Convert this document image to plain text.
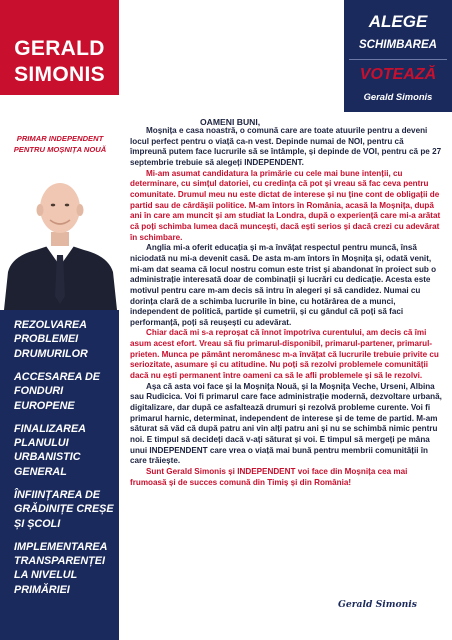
GERALD
SIMONIS
PRIMAR INDEPENDENT PENTRU MOȘNIȚA NOUĂ
REZOLVAREA PROBLEMEI DRUMURILOR
ACCESAREA DE FONDURI EUROPENE
FINALIZAREA PLANULUI URBANISTIC GENERAL
ÎNFIINȚAREA DE GRĂDINIȚE CREȘE ȘI ȘCOLI
IMPLEMENTAREA TRANSPARENȚEI LA NIVELUL PRIMĂRIEI
ALEGE
SCHIMBAREA
VOTEAZĂ
Gerald Simonis
OAMENI BUNI,

Moșnița e casa noastră, o comună care are toate atuurile pentru a deveni locul perfect pentru o viață ca-n vest. Depinde numai de NOI, pentru că împreună putem face lucrurile să se întâmple, și depinde de VOI, pentru că pe 27 septembrie trebuie să alegeți INDEPENDENT.

Mi-am asumat candidatura la primărie cu cele mai bune intenții, cu determinare, cu simțul datoriei, cu credința că pot și vreau să fac ceva pentru comunitate. Drumul meu nu este dictat de interese și nu ține cont de obligații de partid sau de cârdășii politice. M-am întors în România, acasă la Moșnița, după ani în care am muncit și am studiat la Londra, după o experiență care mi-a arătat că poți schimba lumea dacă muncești, dacă ești serios și dacă crezi cu adevărat în schimbare.

Anglia mi-a oferit educația și m-a învățat respectul pentru muncă, însă niciodată nu mi-a devenit casă. De asta m-am întors în Moșnița și, odată venit, mi-am dat seama că locul nostru comun este trist și abandonat în proiect sub o administrație interesată doar de combinații și lucrări cu dedicație. Acesta este motivul pentru care m-am decis să intru în alegeri și să candidez. Numai cu dorința clară de a schimba lucrurile în bine, cu hotărârea de a munci, independent de politică, partide și cumetrii, și cu gândul că poți să faci performanță, poți să reușești cu adevărat.

Chiar dacă mi s-a reproșat că înnot împotriva curentului, am decis că îmi asum acest efort. Vreau să fiu primarul-disponibil, primarul-partener, primarul-prieten. Munca pe pământ neromânesc m-a învățat că lucrurile trebuie privite cu seriozitate, asumare și cu atitudine. Nu poți să rezolvi problemele comunității dacă nu ești permanent între oameni ca să le afli problemele și să le rezolvi.

Așa că asta voi face și la Moșnița Nouă, și la Moșnița Veche, Urseni, Albina sau Rudicica. Voi fi primarul care face administrație modernă, dezvoltare urbană, digitalizare, dar după ce asfaltează drumuri și rezolvă probleme curente. Voi fi primarul harnic, determinat, independent de interese și de teme de partid. M-am săturat să văd că după patru ani vin alți patru ani și nu se schimbă nimic pentru noi. E timpul să decideți dacă v-ați săturat și voi. E timpul să mergeți pe mâna unui INDEPENDENT care vrea o viață mai bună pentru membrii comunității în care trăiește.

Sunt Gerald Simonis și INDEPENDENT voi face din Moșnița cea mai frumoasă și de succes comună din Timiș și din România!

Gerald Simonis
